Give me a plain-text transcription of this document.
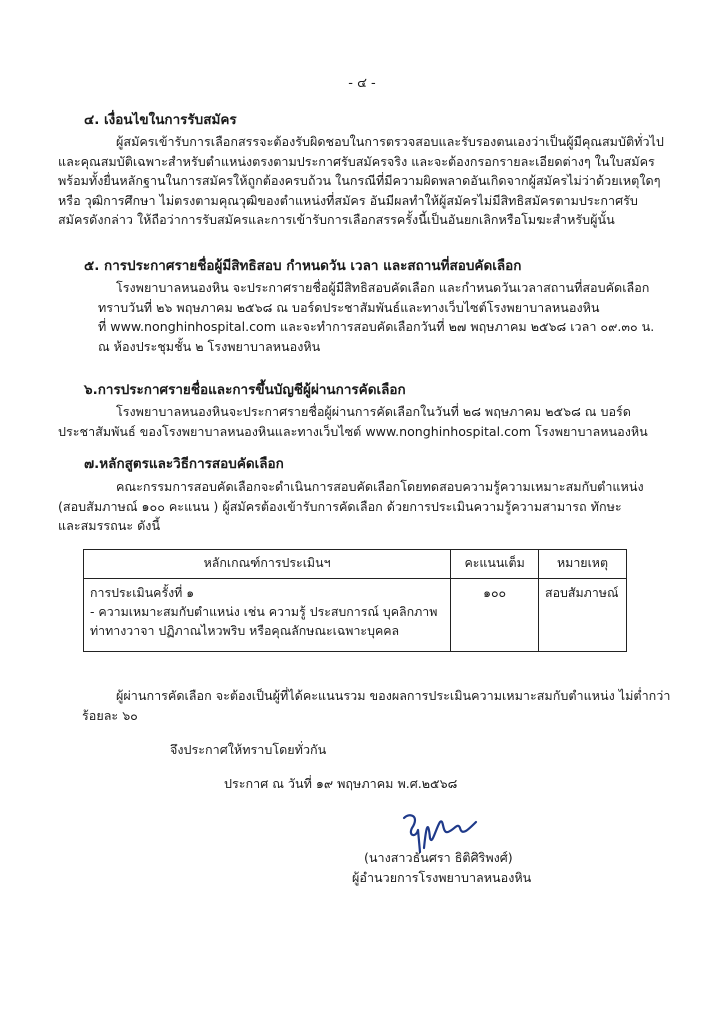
- ๔ -
๔. เงื่อนไขในการรับสมัคร
ผู้สมัครเข้ารับการเลือกสรรจะต้องรับผิดชอบในการตรวจสอบและรับรองตนเองว่าเป็นผู้มีคุณสมบัติทั่วไป
และคุณสมบัติเฉพาะสำหรับตำแหน่งตรงตามประกาศรับสมัครจริง และจะต้องกรอกรายละเอียดต่างๆ ในใบสมัคร
พร้อมทั้งยื่นหลักฐานในการสมัครให้ถูกต้องครบถ้วน ในกรณีที่มีความผิดพลาดอันเกิดจากผู้สมัครไม่ว่าด้วยเหตุใดๆ
หรือ วุฒิการศึกษา ไม่ตรงตามคุณวุฒิของตำแหน่งที่สมัคร อันมีผลทำให้ผู้สมัครไม่มีสิทธิสมัครตามประกาศรับ
สมัครดังกล่าว ให้ถือว่าการรับสมัครและการเข้ารับการเลือกสรรครั้งนี้เป็นอันยกเลิกหรือโมฆะสำหรับผู้นั้น
๕. การประกาศรายชื่อผู้มีสิทธิสอบ กำหนดวัน เวลา และสถานที่สอบคัดเลือก
โรงพยาบาลหนองหิน จะประกาศรายชื่อผู้มีสิทธิสอบคัดเลือก และกำหนดวันเวลาสถานที่สอบคัดเลือก
ทราบวันที่ ๒๖ พฤษภาคม ๒๕๖๘ ณ บอร์ดประชาสัมพันธ์และทางเว็บไซต์โรงพยาบาลหนองหิน
ที่ www.nonghinhospital.com และจะทำการสอบคัดเลือกวันที่ ๒๗ พฤษภาคม ๒๕๖๘ เวลา ๐๙.๓๐ น.
ณ ห้องประชุมชั้น ๒ โรงพยาบาลหนองหิน
๖.การประกาศรายชื่อและการขึ้นบัญชีผู้ผ่านการคัดเลือก
โรงพยาบาลหนองหินจะประกาศรายชื่อผู้ผ่านการคัดเลือกในวันที่ ๒๘ พฤษภาคม ๒๕๖๘ ณ บอร์ด
ประชาสัมพันธ์ ของโรงพยาบาลหนองหินและทางเว็บไซต์ www.nonghinhospital.com โรงพยาบาลหนองหิน
๗.หลักสูตรและวิธีการสอบคัดเลือก
คณะกรรมการสอบคัดเลือกจะดำเนินการสอบคัดเลือกโดยทดสอบความรู้ความเหมาะสมกับตำแหน่ง
(สอบสัมภาษณ์ ๑๐๐ คะแนน ) ผู้สมัครต้องเข้ารับการคัดเลือก ด้วยการประเมินความรู้ความสามารถ ทักษะ
และสมรรถนะ ดังนี้
หลักเกณฑ์การประเมินฯ	คะแนนเต็ม	หมายเหตุ

การประเมินครั้งที่ ๑
- ความเหมาะสมกับตำแหน่ง เช่น ความรู้ ประสบการณ์ บุคลิกภาพ
ท่าทางวาจา ปฏิภาณไหวพริบ หรือคุณลักษณะเฉพาะบุคคล	๑๐๐	สอบสัมภาษณ์
ผู้ผ่านการคัดเลือก จะต้องเป็นผู้ที่ได้คะแนนรวม ของผลการประเมินความเหมาะสมกับตำแหน่ง ไม่ต่ำกว่า
ร้อยละ ๖๐
จึงประกาศให้ทราบโดยทั่วกัน
ประกาศ ณ วันที่ ๑๙ พฤษภาคม พ.ศ.๒๕๖๘
(นางสาวธันศรา ธิติศิริพงศ์)
ผู้อำนวยการโรงพยาบาลหนองหิน
